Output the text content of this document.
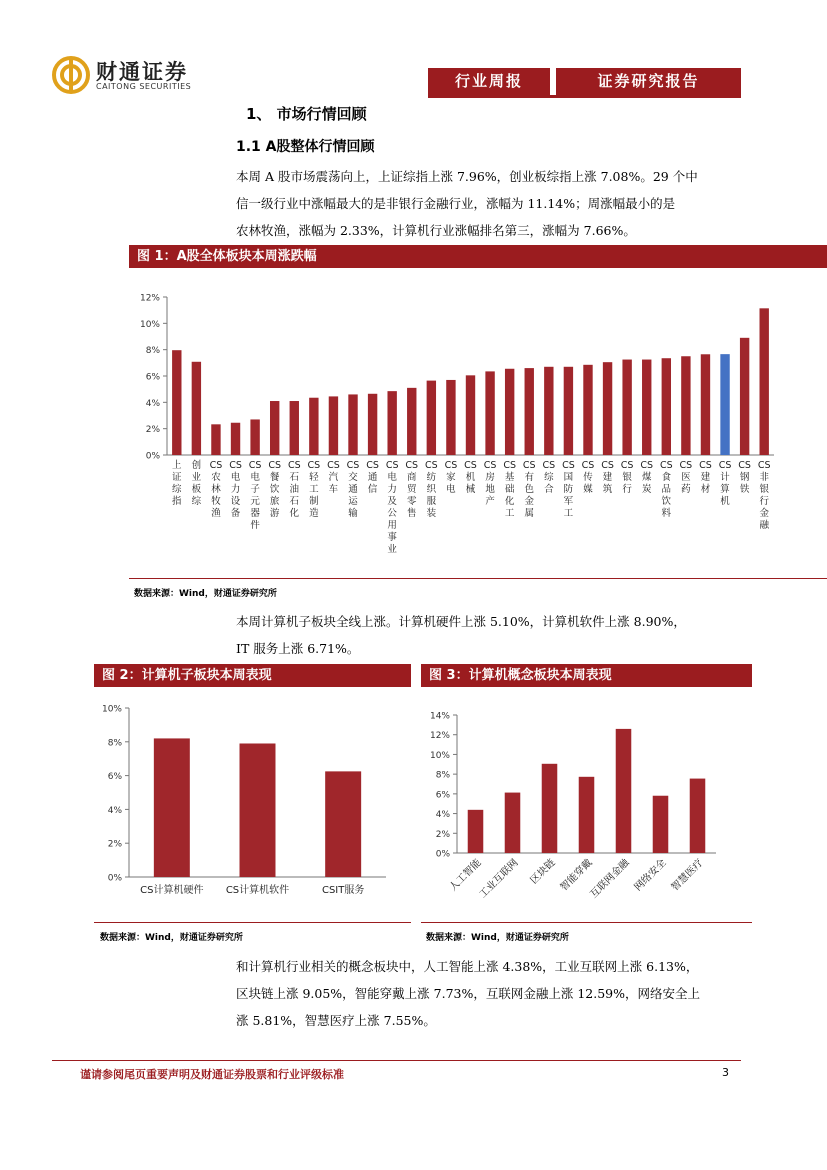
财通证券
CAITONG SECURITIES	行业周报	证券研究报告
1、 市场行情回顾
1.1 A股整体行情回顾
本周 A 股市场震荡向上，上证综指上涨 7.96%，创业板综指上涨 7.08%。29 个中
信一级行业中涨幅最大的是非银行金融行业，涨幅为 11.14%；周涨幅最小的是
农林牧渔，涨幅为 2.33%，计算机行业涨幅排名第三，涨幅为 7.66%。
图 1：A股全体板块本周涨跌幅
0%
2%
4%
6%
8%
10%
12%
上证综指
创业板综
CS 农林牧渔
CS 电力设备
CS 电子元器件
CS 餐饮旅游
CS 石油石化
CS 轻工制造
CS 汽车
CS 交通运输
CS 通信
CS 电力及公用事业
CS 商贸零售
CS 纺织服装
CS 家电
CS 机械
CS 房地产
CS 基础化工
CS 有色金属
CS 综合
CS 国防军工
CS 传媒
CS 建筑
CS 银行
CS 煤炭
CS 食品饮料
CS 医药
CS 建材
CS 计算机
CS 钢铁
CS 非银行金融
数据来源：Wind，财通证券研究所
本周计算机子板块全线上涨。计算机硬件上涨 5.10%，计算机软件上涨 8.90%，
IT 服务上涨 6.71%。
图 2：计算机子板块本周表现
0%
2%
4%
6%
8%
10%
CS计算机硬件 CS计算机软件	CSIT服务
数据来源：Wind，财通证券研究所
图 3：计算机概念板块本周表现
0%
2%
4%
6%
8%
10%
12%
14%
人工智能
工业互联网 区块链 智能穿戴
互联网金融 网络安全 智慧医疗
数据来源：Wind，财通证券研究所
和计算机行业相关的概念板块中，人工智能上涨 4.38%，工业互联网上涨 6.13%，
区块链上涨 9.05%，智能穿戴上涨 7.73%，互联网金融上涨 12.59%，网络安全上
涨 5.81%，智慧医疗上涨 7.55%。
谨请参阅尾页重要声明及财通证券股票和行业评级标准	3
